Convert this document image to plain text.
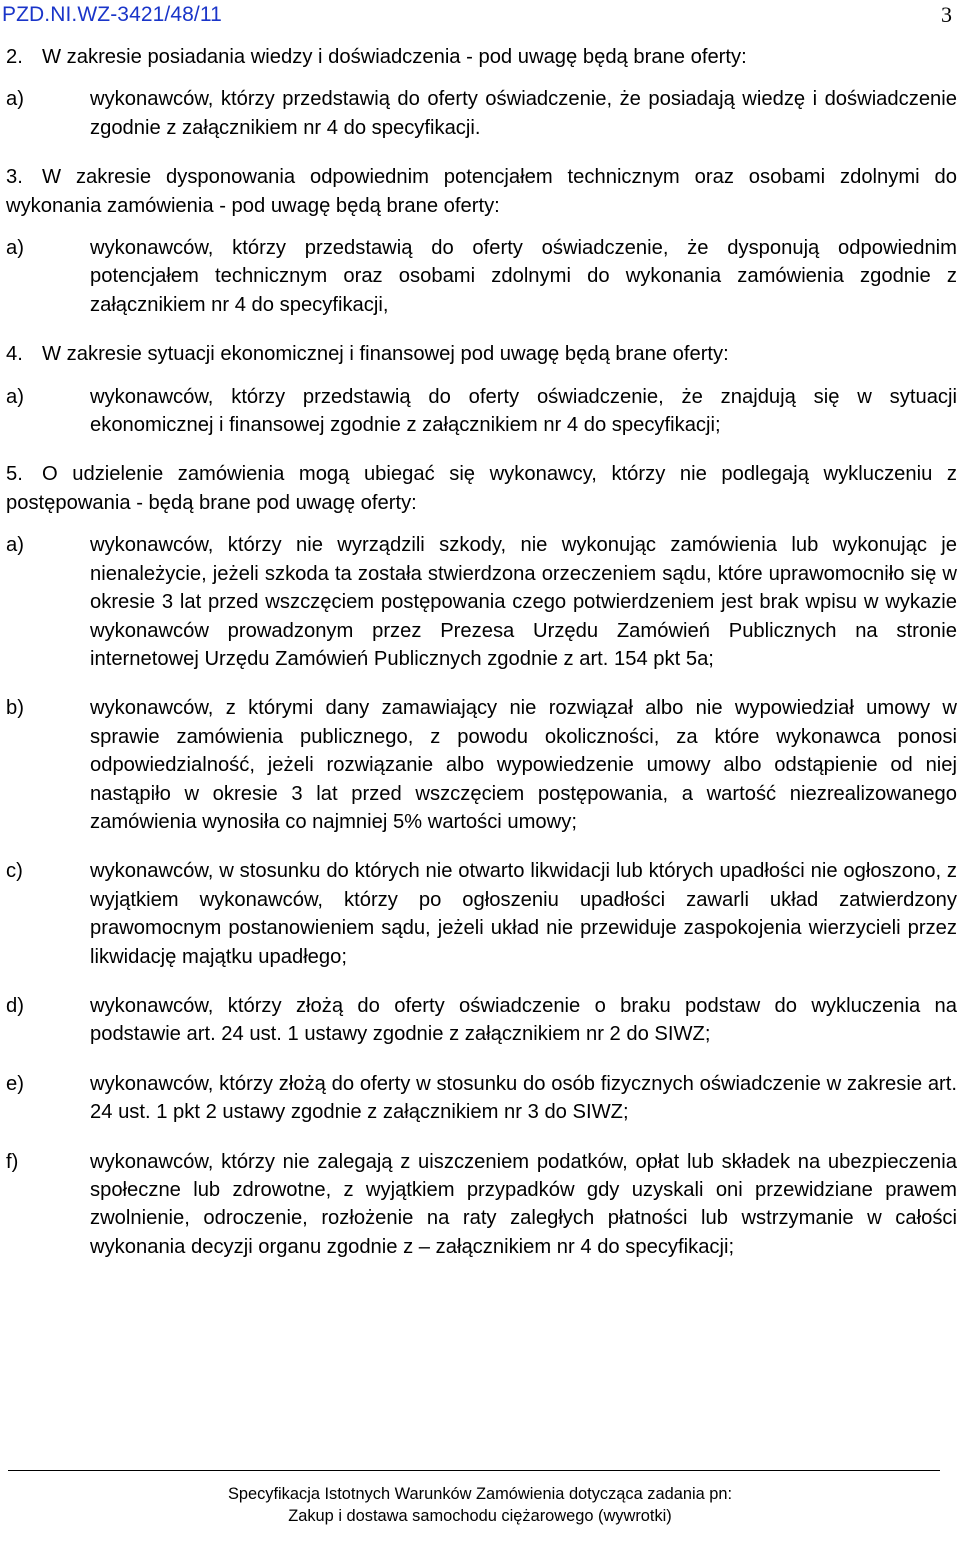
PZD.NI.WZ-3421/48/11	3
2. W zakresie posiadania wiedzy i doświadczenia - pod uwagę będą brane oferty:
a)	wykonawców, którzy przedstawią do oferty oświadczenie, że posiadają wiedzę i doświadczenie zgodnie z załącznikiem nr 4 do specyfikacji.
3. W zakresie dysponowania odpowiednim potencjałem technicznym oraz osobami zdolnymi do wykonania zamówienia - pod uwagę będą brane oferty:
a)	wykonawców, którzy przedstawią do oferty oświadczenie, że dysponują odpowiednim potencjałem technicznym oraz osobami zdolnymi do wykonania zamówienia zgodnie z załącznikiem nr 4 do specyfikacji,
4. W zakresie sytuacji ekonomicznej i finansowej pod uwagę będą brane oferty:
a)	wykonawców, którzy przedstawią do oferty oświadczenie, że znajdują się w sytuacji ekonomicznej i finansowej zgodnie z załącznikiem nr 4 do specyfikacji;
5. O udzielenie zamówienia mogą ubiegać się wykonawcy, którzy nie podlegają wykluczeniu z postępowania - będą brane pod uwagę oferty:
a)	wykonawców, którzy nie wyrządzili szkody, nie wykonując zamówienia lub wykonując je nienależycie, jeżeli szkoda ta została stwierdzona orzeczeniem sądu, które uprawomocniło się w okresie 3 lat przed wszczęciem postępowania czego potwierdzeniem jest brak wpisu w wykazie wykonawców prowadzonym przez Prezesa Urzędu Zamówień Publicznych na stronie internetowej Urzędu Zamówień Publicznych zgodnie z art. 154 pkt 5a;
b)	wykonawców, z którymi dany zamawiający nie rozwiązał albo nie wypowiedział umowy w sprawie zamówienia publicznego, z powodu okoliczności, za które wykonawca ponosi odpowiedzialność, jeżeli rozwiązanie albo wypowiedzenie umowy albo odstąpienie od niej nastąpiło w okresie 3 lat przed wszczęciem postępowania, a wartość niezrealizowanego zamówienia wynosiła co najmniej 5% wartości umowy;
c)	wykonawców, w stosunku do których nie otwarto likwidacji lub których upadłości nie ogłoszono, z wyjątkiem wykonawców, którzy po ogłoszeniu upadłości zawarli układ zatwierdzony prawomocnym postanowieniem sądu, jeżeli układ nie przewiduje zaspokojenia wierzycieli przez likwidację majątku upadłego;
d)	wykonawców, którzy złożą do oferty oświadczenie o braku podstaw do wykluczenia na podstawie art. 24 ust. 1 ustawy zgodnie z załącznikiem nr 2 do SIWZ;
e)	wykonawców, którzy złożą do oferty w stosunku do osób fizycznych oświadczenie w zakresie art. 24 ust. 1 pkt 2 ustawy zgodnie z załącznikiem nr 3 do SIWZ;
f)	wykonawców, którzy nie zalegają z uiszczeniem podatków, opłat lub składek na ubezpieczenia społeczne lub zdrowotne, z wyjątkiem przypadków gdy uzyskali oni przewidziane prawem zwolnienie, odroczenie, rozłożenie na raty zaległych płatności lub wstrzymanie w całości wykonania decyzji organu zgodnie z – załącznikiem nr 4 do specyfikacji;
Specyfikacja Istotnych Warunków Zamówienia dotycząca zadania pn:
Zakup i dostawa samochodu ciężarowego (wywrotki)
